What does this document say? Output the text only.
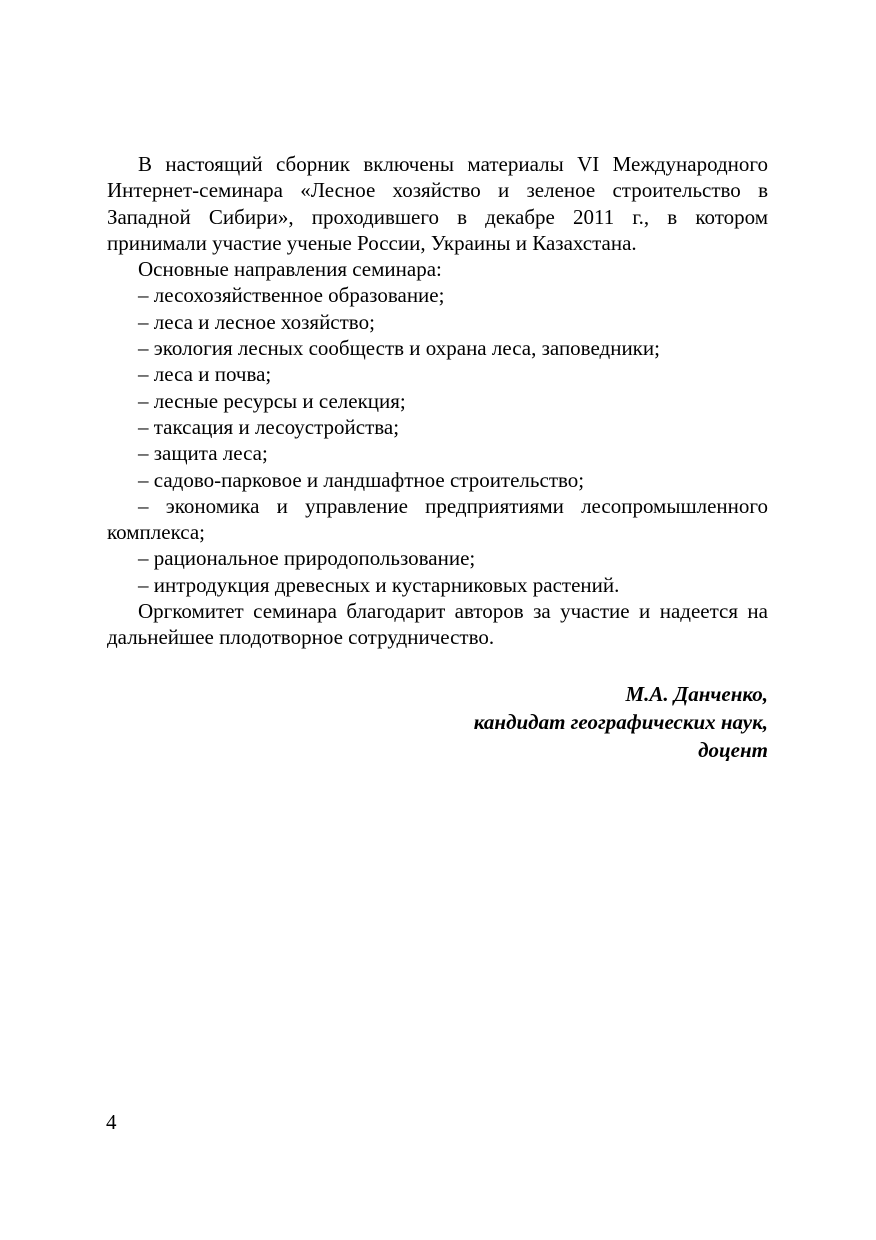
В настоящий сборник включены материалы VI Международного Интернет-семинара «Лесное хозяйство и зеленое строительство в Западной Сибири», проходившего в декабре 2011 г., в котором принимали участие ученые России, Украины и Казахстана.

Основные направления семинара:

– лесохозяйственное образование;
– леса и лесное хозяйство;
– экология лесных сообществ и охрана леса, заповедники;
– леса и почва;
– лесные ресурсы и селекция;
– таксация и лесоустройства;
– защита леса;
– садово-парковое и ландшафтное строительство;
– экономика и управление предприятиями лесопромышленного комплекса;
– рациональное природопользование;
– интродукция древесных и кустарниковых растений.

Оргкомитет семинара благодарит авторов за участие и надеется на дальнейшее плодотворное сотрудничество.

М.А. Данченко,
кандидат географических наук,
доцент
4
